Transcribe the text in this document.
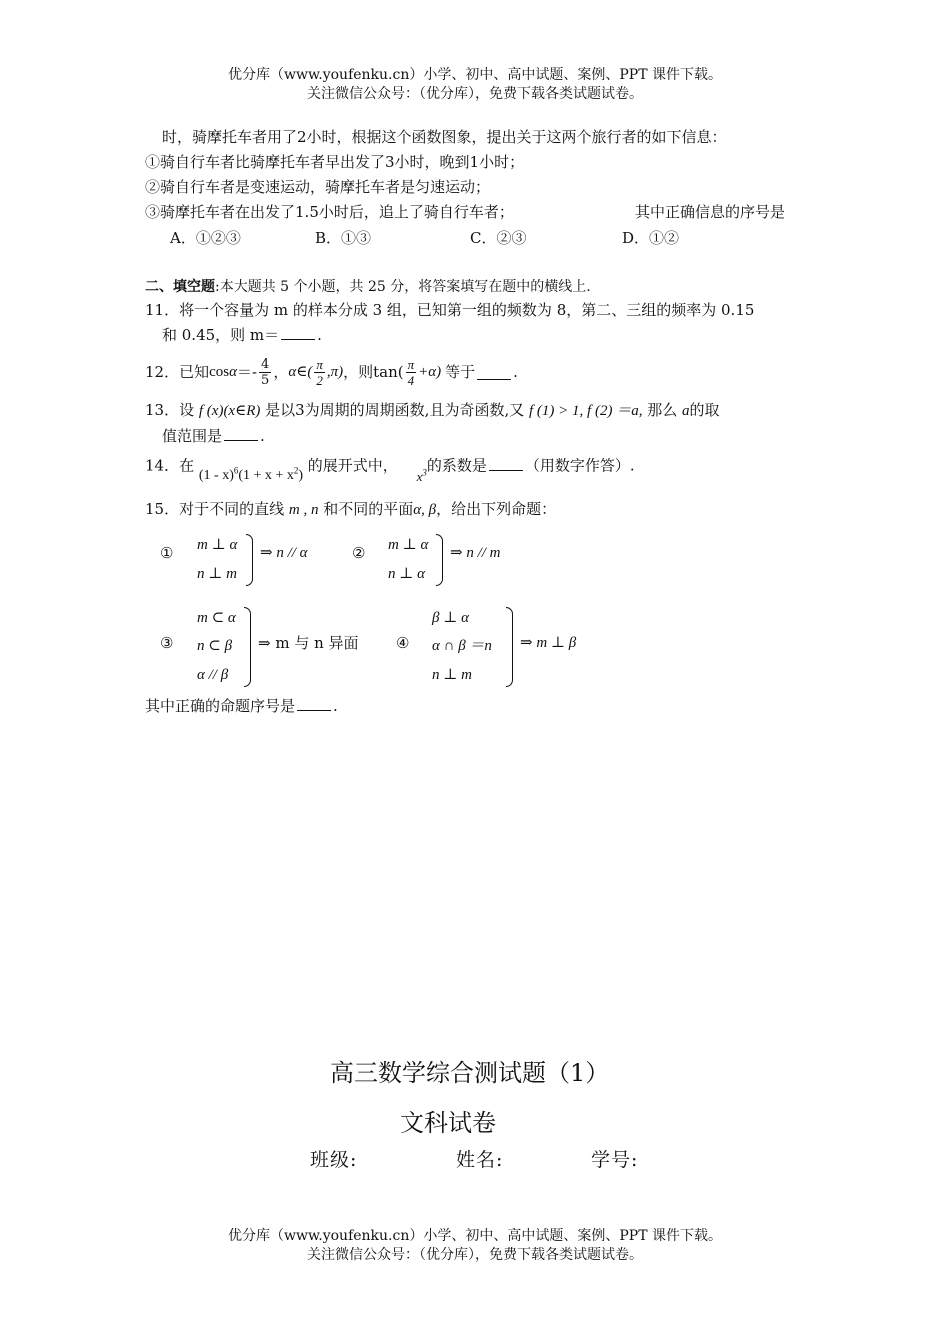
优分库（www.youfenku.cn）小学、初中、高中试题、案例、PPT 课件下载。
关注微信公众号：（优分库），免费下载各类试题试卷。
时，骑摩托车者用了2小时，根据这个函数图象，提出关于这两个旅行者的如下信息：
①骑自行车者比骑摩托车者早出发了3小时，晚到1小时；
②骑自行车者是变速运动，骑摩托车者是匀速运动；
③骑摩托车者在出发了1.5小时后，追上了骑自行车者；	其中正确信息的序号是
A．①②③	B．①③	C．②③	D．①②
二、填空题:本大题共 5 个小题，共 25 分，将答案填写在题中的横线上.
11．将一个容量为 m 的样本分成 3 组，已知第一组的频数为 8，第二、三组的频率为 0.15
和 0.45，则 m＝	.
12．已知 $\cos \alpha =- \frac{4}{5}$ ， α∈( $\frac{\pi}{2} ,\pi$) ，则 $\tan( \frac{\pi}{4} +\alpha)$ 等于	.
13．设 f (x)(x∈R) 是以3为周期的周期函数,且为奇函数,又 f (1) > 1, f (2) ＝a, 那么 a的取
值范围是	.
14．在 $(1 - x)^6(1 + x + x^2)$ 的展开式中， $x^3$的系数是	（用数字作答）.
15．对于不同的直线 m , n 和不同的平面α, β，给出下列命题：
① m ⊥ α
n ⊥ m
⇒ n // α	② m ⊥ α
n ⊥ α
⇒ n // m
③
m ⊂ α
n ⊂ β
α // β
⇒ m 与 n 异面 ④
β ⊥ α
α ∩ β ＝n
n ⊥ m
⇒ m ⊥ β
其中正确的命题序号是	.
高三数学综合测试题（1）
文科试卷
班级:	姓名:	学号:
优分库（www.youfenku.cn）小学、初中、高中试题、案例、PPT 课件下载。
关注微信公众号：（优分库），免费下载各类试题试卷。
